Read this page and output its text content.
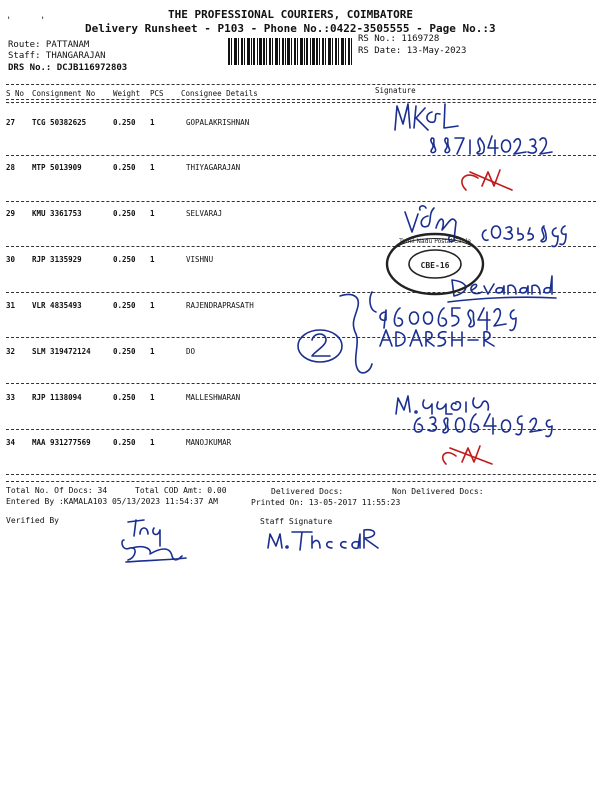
'	'	THE PROFESSIONAL COURIERS, COIMBATORE
Delivery Runsheet - P103 - Phone No.:0422-3505555 - Page No.:3
Route: PATTANAM
Staff: THANGARAJAN
DRS No.: DCJB116972803
RS No.: 1169728
RS Date: 13-May-2023
S No
--
Consignment No Weight PCS Consignee Details	Signature
27 TCG 50382625	0.250 1	GOPALAKRISHNAN
28 MTP 5013909	0.250 1	THIYAGARAJAN
29 KMU 3361753	0.250 1	SELVARAJ
30 RJP 3135929	0.250 1	VISHNU
31 VLR 4835493	0.250 1	RAJENDRAPRASATH
32 SLM 319472124	0.250 1	DO
33 RJP 1138094	0.250 1	MALLESHWARAN
34 MAA 931277569	0.250 1	MANOJKUMAR
Total No. Of Docs: 34	Total COD Amt: 0.00	Delivered Docs:	Non Delivered Docs:
Entered By :KAMALA103 05/13/2023 11:54:37 AM	Printed On: 13-05-2017 11:55:23
Verified By	Staff Signature
CBE-16
Tamil Nadu Postal Circle
